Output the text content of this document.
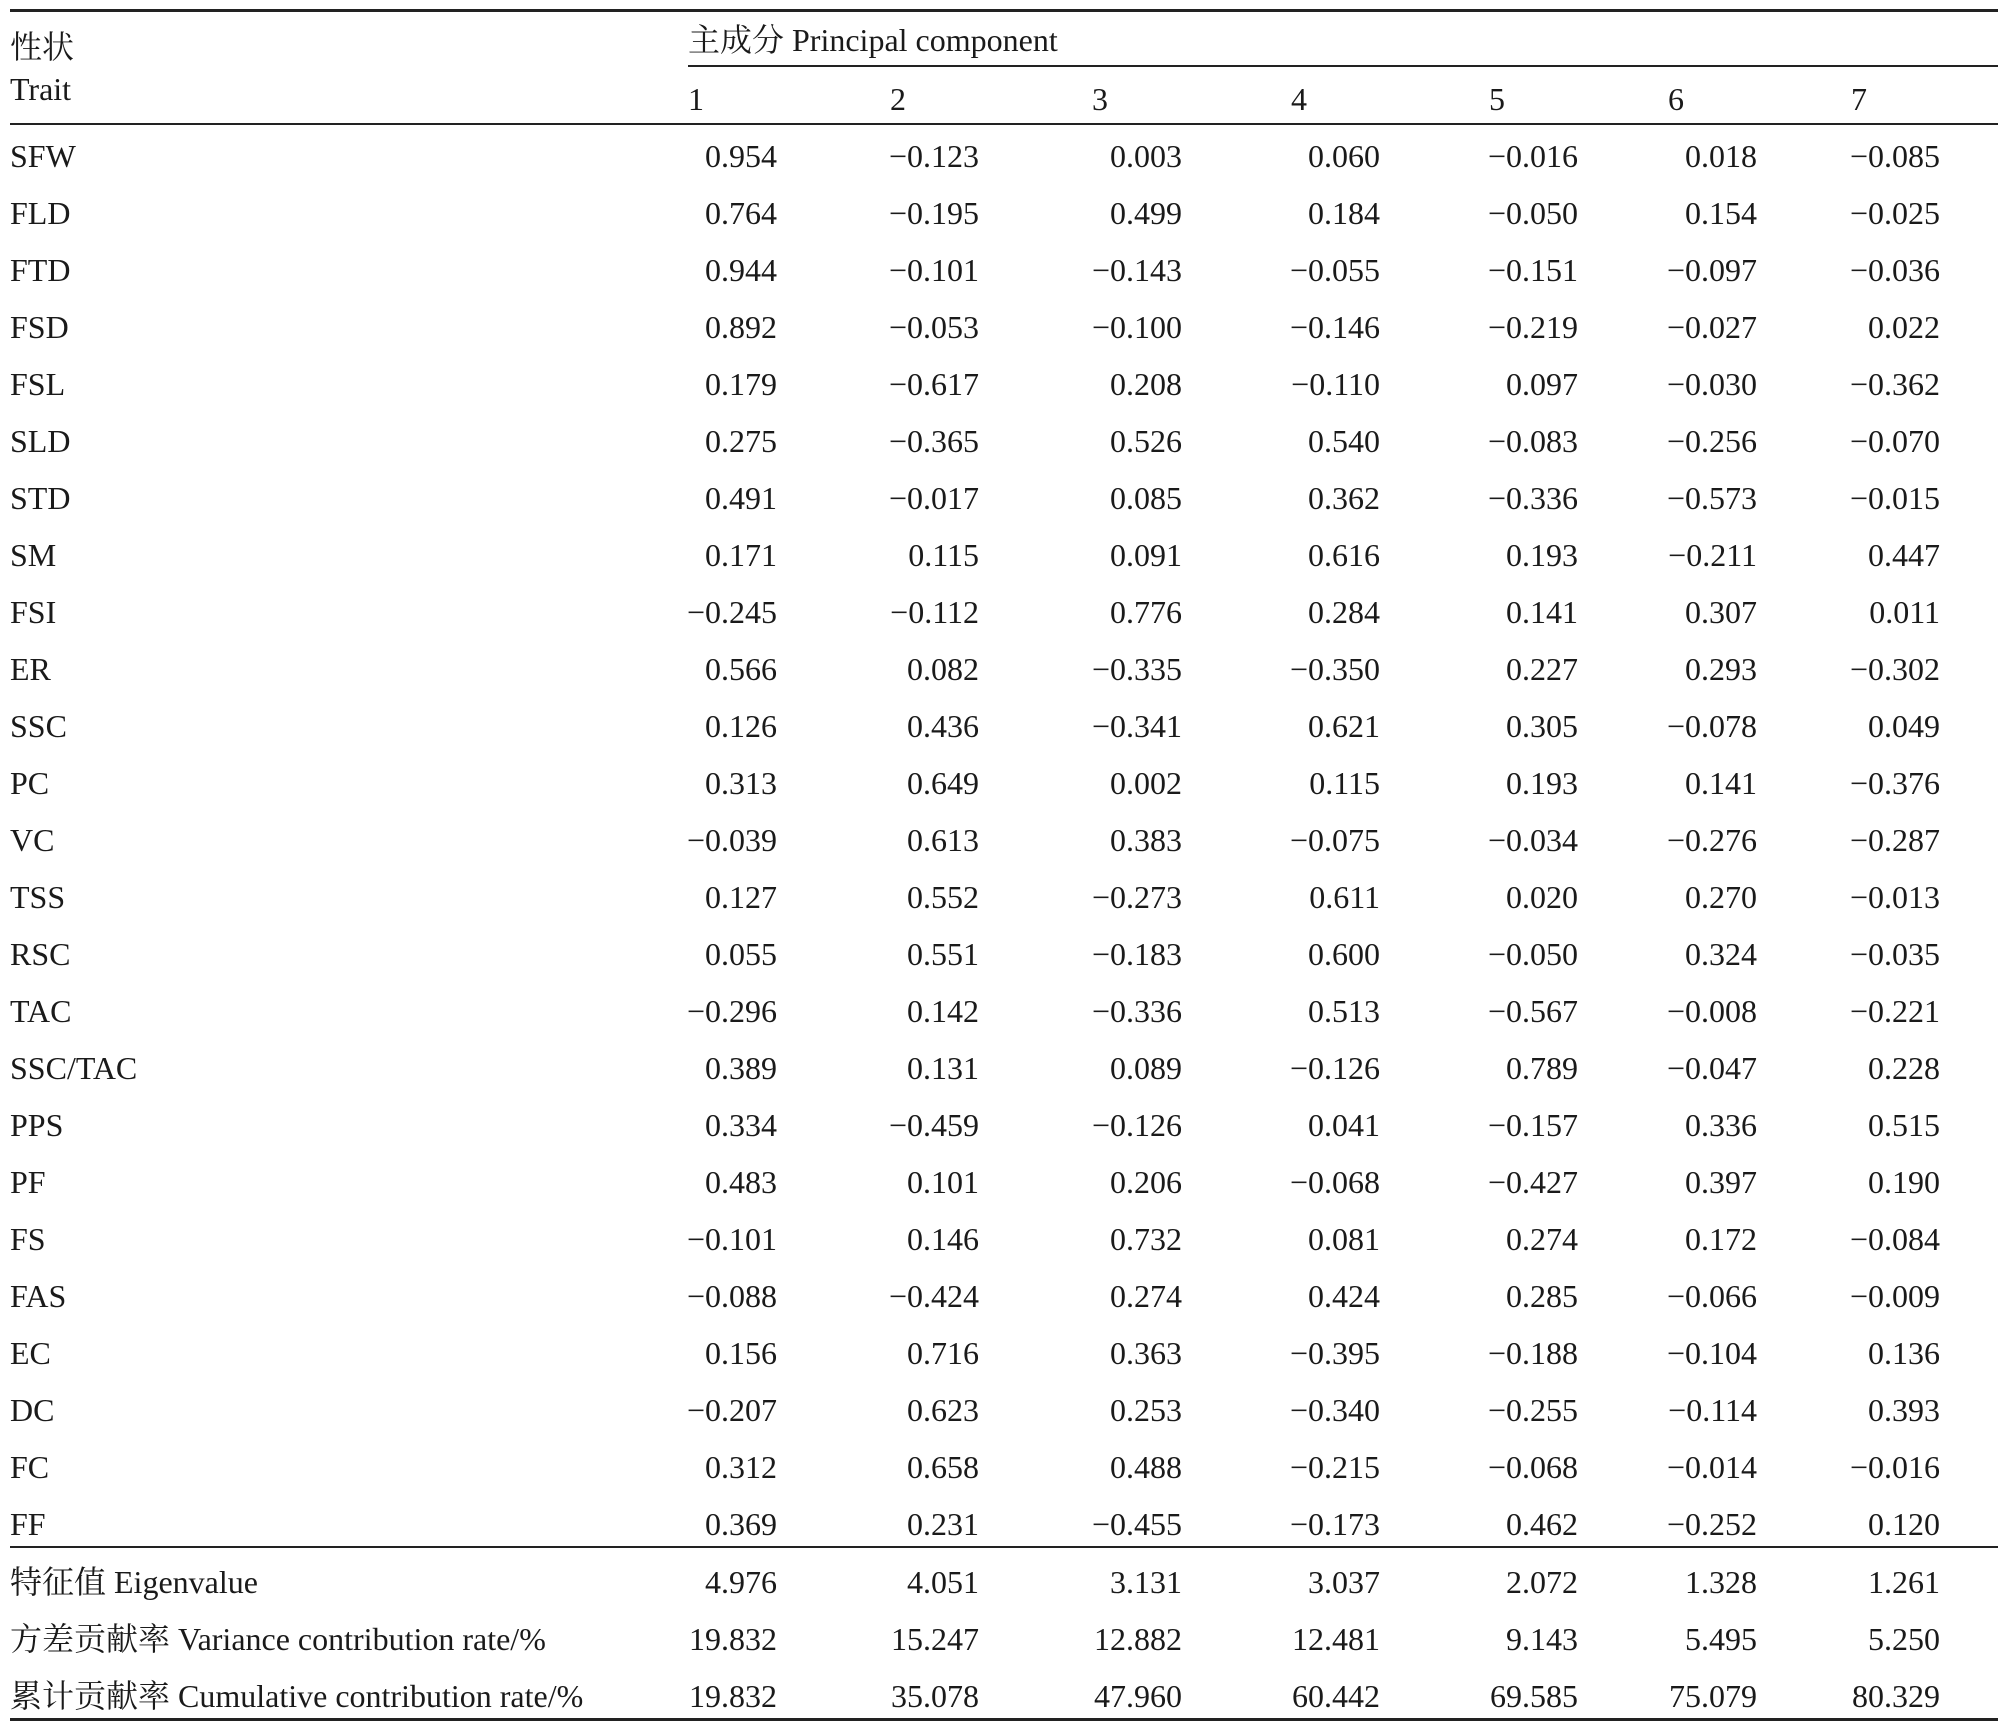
性状
Trait
主成分 Principal component
1	2	3	4	5	6	7
SFW	0.954	−0.123	0.003	0.060	−0.016	0.018	−0.085
FLD	0.764	−0.195	0.499	0.184	−0.050	0.154	−0.025
FTD	0.944	−0.101	−0.143	−0.055	−0.151	−0.097	−0.036
FSD	0.892	−0.053	−0.100	−0.146	−0.219	−0.027	0.022
FSL	0.179	−0.617	0.208	−0.110	0.097	−0.030	−0.362
SLD	0.275	−0.365	0.526	0.540	−0.083	−0.256	−0.070
STD	0.491	−0.017	0.085	0.362	−0.336	−0.573	−0.015
SM	0.171	0.115	0.091	0.616	0.193	−0.211	0.447
FSI	−0.245	−0.112	0.776	0.284	0.141	0.307	0.011
ER	0.566	0.082	−0.335	−0.350	0.227	0.293	−0.302
SSC	0.126	0.436	−0.341	0.621	0.305	−0.078	0.049
PC	0.313	0.649	0.002	0.115	0.193	0.141	−0.376
VC	−0.039	0.613	0.383	−0.075	−0.034	−0.276	−0.287
TSS	0.127	0.552	−0.273	0.611	0.020	0.270	−0.013
RSC	0.055	0.551	−0.183	0.600	−0.050	0.324	−0.035
TAC	−0.296	0.142	−0.336	0.513	−0.567	−0.008	−0.221
SSC/TAC	0.389	0.131	0.089	−0.126	0.789	−0.047	0.228
PPS	0.334	−0.459	−0.126	0.041	−0.157	0.336	0.515
PF	0.483	0.101	0.206	−0.068	−0.427	0.397	0.190
FS	−0.101	0.146	0.732	0.081	0.274	0.172	−0.084
FAS	−0.088	−0.424	0.274	0.424	0.285	−0.066	−0.009
EC	0.156	0.716	0.363	−0.395	−0.188	−0.104	0.136
DC	−0.207	0.623	0.253	−0.340	−0.255	−0.114	0.393
FC	0.312	0.658	0.488	−0.215	−0.068	−0.014	−0.016
FF	0.369	0.231	−0.455	−0.173	0.462	−0.252	0.120
特征值 Eigenvalue	4.976	4.051	3.131	3.037	2.072	1.328	1.261
方差贡献率 Variance contribution rate/%	19.832	15.247	12.882	12.481	9.143	5.495	5.250
累计贡献率 Cumulative contribution rate/%	19.832	35.078	47.960	60.442	69.585	75.079	80.329
